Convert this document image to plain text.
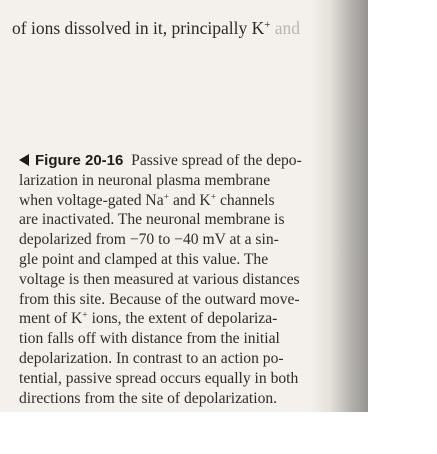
of ions dissolved in it, principally K+ and
Figure 20-16 Passive spread of the depo-
larization in neuronal plasma membrane
when voltage-gated Na+ and K+ channels
are inactivated. The neuronal membrane is
depolarized from −70 to −40 mV at a sin-
gle point and clamped at this value. The
voltage is then measured at various distances
from this site. Because of the outward move-
ment of K+ ions, the extent of depolariza-
tion falls off with distance from the initial
depolarization. In contrast to an action po-
tential, passive spread occurs equally in both
directions from the site of depolarization.
